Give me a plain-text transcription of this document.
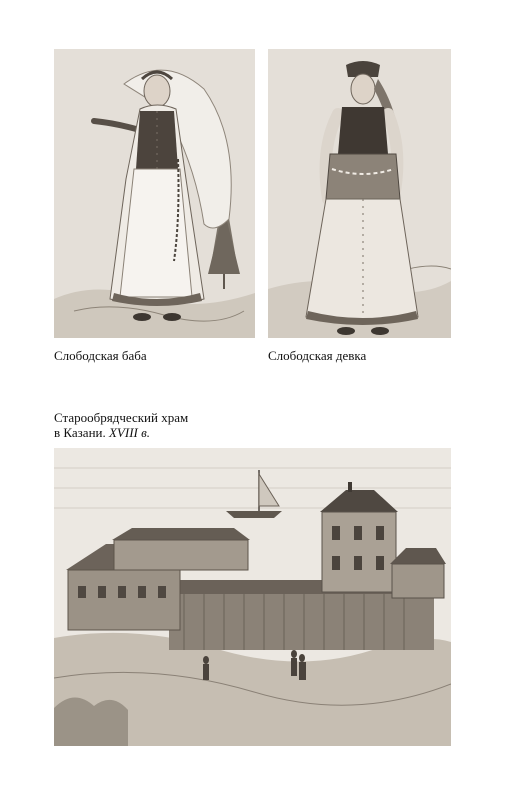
Слободская баба	Слободская девка
Старообрядческий храм
в Казани. XVIII в.
